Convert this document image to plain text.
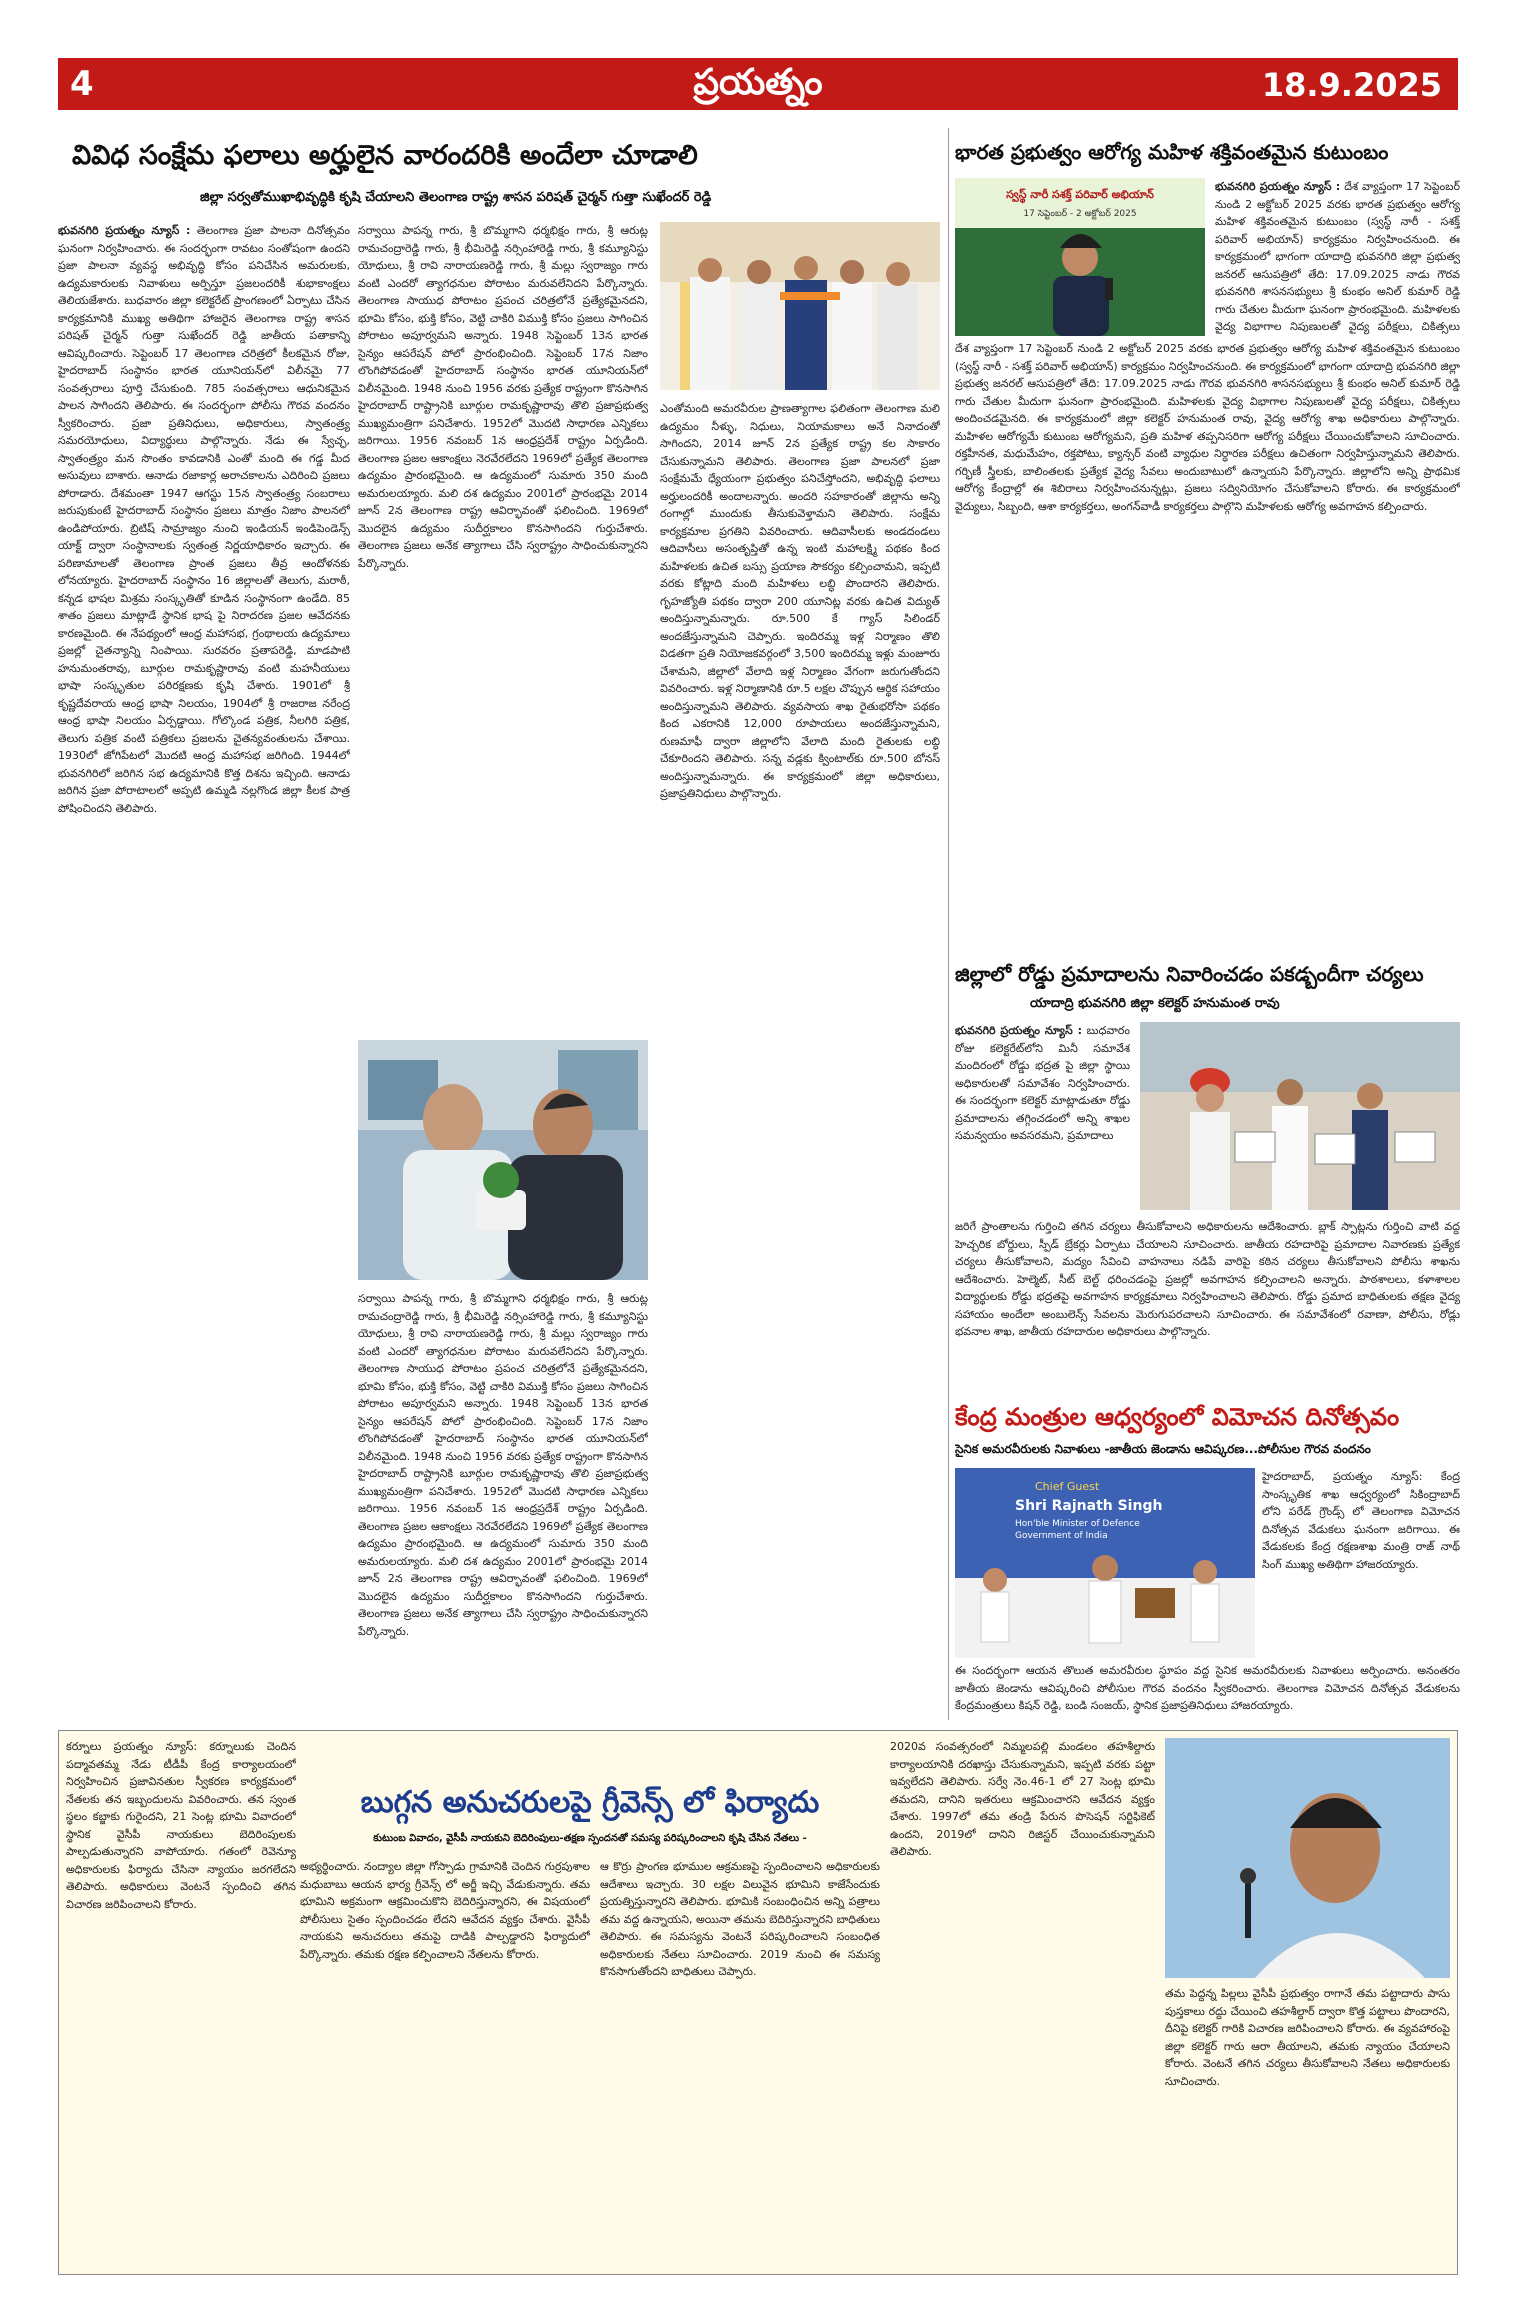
4	ప్రయత్నం	18.9.2025
వివిధ సంక్షేమ ఫలాలు అర్హులైన వారందరికి అందేలా చూడాలి
జిల్లా సర్వతోముఖాభివృద్ధికి కృషి చేయాలని తెలంగాణ రాష్ట్ర శాసన పరిషత్ చైర్మన్ గుత్తా సుఖేందర్ రెడ్డి
భువనగిరి ప్రయత్నం న్యూస్ : తెలంగాణ ప్రజా పాలనా దినోత్సవం ఘనంగా నిర్వహించారు. ఈ సందర్భంగా రావటం సంతోషంగా ఉందని ప్రజా పాలనా వ్యవస్థ అభివృద్ధి కోసం పనిచేసిన అమరులకు, ఉద్యమకారులకు నివాళులు అర్పిస్తూ ప్రజలందరికీ శుభాకాంక్షలు తెలియజేశారు. బుధవారం జిల్లా కలెక్టరేట్ ప్రాంగణంలో ఏర్పాటు చేసిన కార్యక్రమానికి ముఖ్య అతిథిగా హాజరైన తెలంగాణ రాష్ట్ర శాసన పరిషత్ చైర్మన్ గుత్తా సుఖేందర్ రెడ్డి జాతీయ పతాకాన్ని ఆవిష్కరించారు. సెప్టెంబర్ 17 తెలంగాణ చరిత్రలో కీలకమైన రోజు, హైదరాబాద్ సంస్థానం భారత యూనియన్‌లో విలీనమై 77 సంవత్సరాలు పూర్తి చేసుకుంది. 785 సంవత్సరాలు ఆధునికమైన పాలన సాగిందని తెలిపారు. ఈ సందర్భంగా పోలీసు గౌరవ వందనం స్వీకరించారు. ప్రజా ప్రతినిధులు, అధికారులు, స్వాతంత్ర్య సమరయోధులు, విద్యార్థులు పాల్గొన్నారు. నేడు ఈ స్వేచ్ఛ, స్వాతంత్ర్యం మన సొంతం కావడానికి ఎంతో మంది ఈ గడ్డ మీద అసువులు బాశారు. ఆనాడు రజాకార్ల అరాచకాలను ఎదిరించి ప్రజలు పోరాడారు. దేశమంతా 1947 ఆగస్టు 15న స్వాతంత్ర్య సంబరాలు జరుపుకుంటే హైదరాబాద్ సంస్థానం ప్రజలు మాత్రం నిజాం పాలనలో ఉండిపోయారు. బ్రిటిష్ సామ్రాజ్యం నుంచి ఇండియన్ ఇండిపెండెన్స్ యాక్ట్ ద్వారా సంస్థానాలకు స్వతంత్ర నిర్ణయాధికారం ఇచ్చారు. ఈ పరిణామాలతో తెలంగాణ ప్రాంత ప్రజలు తీవ్ర ఆందోళనకు లోనయ్యారు. హైదరాబాద్ సంస్థానం 16 జిల్లాలతో తెలుగు, మరాఠీ, కన్నడ భాషల మిశ్రమ సంస్కృతితో కూడిన సంస్థానంగా ఉండేది. 85 శాతం ప్రజలు మాట్లాడే స్థానిక భాష పై నిరాదరణ ప్రజల ఆవేదనకు కారణమైంది. ఈ నేపథ్యంలో ఆంధ్ర మహాసభ, గ్రంథాలయ ఉద్యమాలు ప్రజల్లో చైతన్యాన్ని నింపాయి. సురవరం ప్రతాపరెడ్డి, మాడపాటి హనుమంతరావు, బూర్గుల రామకృష్ణారావు వంటి మహనీయులు భాషా సంస్కృతుల పరిరక్షణకు కృషి చేశారు. 1901లో శ్రీ కృష్ణదేవరాయ ఆంధ్ర భాషా నిలయం, 1904లో శ్రీ రాజరాజ నరేంద్ర ఆంధ్ర భాషా నిలయం ఏర్పడ్డాయి. గోల్కొండ పత్రిక, నీలగిరి పత్రిక, తెలుగు పత్రిక వంటి పత్రికలు ప్రజలను చైతన్యవంతులను చేశాయి. 1930లో జోగిపేటలో మొదటి ఆంధ్ర మహాసభ జరిగింది. 1944లో భువనగిరిలో జరిగిన సభ ఉద్యమానికి కొత్త దిశను ఇచ్చింది. ఆనాడు జరిగిన ప్రజా పోరాటాలలో అప్పటి ఉమ్మడి నల్లగొండ జిల్లా కీలక పాత్ర పోషించిందని తెలిపారు.
సర్వాయి పాపన్న గారు, శ్రీ బొమ్మగాని ధర్మభిక్షం గారు, శ్రీ ఆరుట్ల రామచంద్రారెడ్డి గారు, శ్రీ భీమిరెడ్డి నర్సింహారెడ్డి గారు, శ్రీ కమ్యూనిస్టు యోధులు, శ్రీ రావి నారాయణరెడ్డి గారు, శ్రీ మల్లు స్వరాజ్యం గారు వంటి ఎందరో త్యాగధనుల పోరాటం మరువలేనిదని పేర్కొన్నారు. తెలంగాణ సాయుధ పోరాటం ప్రపంచ చరిత్రలోనే ప్రత్యేకమైనదని, భూమి కోసం, భుక్తి కోసం, వెట్టి చాకిరి విముక్తి కోసం ప్రజలు సాగించిన పోరాటం అపూర్వమని అన్నారు. 1948 సెప్టెంబర్ 13న భారత సైన్యం ఆపరేషన్ పోలో ప్రారంభించింది. సెప్టెంబర్ 17న నిజాం లొంగిపోవడంతో హైదరాబాద్ సంస్థానం భారత యూనియన్‌లో విలీనమైంది. 1948 నుంచి 1956 వరకు ప్రత్యేక రాష్ట్రంగా కొనసాగిన హైదరాబాద్ రాష్ట్రానికి బూర్గుల రామకృష్ణారావు తొలి ప్రజాప్రభుత్వ ముఖ్యమంత్రిగా పనిచేశారు. 1952లో మొదటి సాధారణ ఎన్నికలు జరిగాయి. 1956 నవంబర్ 1న ఆంధ్రప్రదేశ్ రాష్ట్రం ఏర్పడింది. తెలంగాణ ప్రజల ఆకాంక్షలు నెరవేరలేదని 1969లో ప్రత్యేక తెలంగాణ ఉద్యమం ప్రారంభమైంది. ఆ ఉద్యమంలో సుమారు 350 మంది అమరులయ్యారు. మలి దశ ఉద్యమం 2001లో ప్రారంభమై 2014 జూన్ 2న తెలంగాణ రాష్ట్ర ఆవిర్భావంతో ఫలించింది. 1969లో మొదలైన ఉద్యమం సుదీర్ఘకాలం కొనసాగిందని గుర్తుచేశారు. తెలంగాణ ప్రజలు అనేక త్యాగాలు చేసి స్వరాష్ట్రం సాధించుకున్నారని పేర్కొన్నారు.
సర్వాయి పాపన్న గారు, శ్రీ బొమ్మగాని ధర్మభిక్షం గారు, శ్రీ ఆరుట్ల రామచంద్రారెడ్డి గారు, శ్రీ భీమిరెడ్డి నర్సింహారెడ్డి గారు, శ్రీ కమ్యూనిస్టు యోధులు, శ్రీ రావి నారాయణరెడ్డి గారు, శ్రీ మల్లు స్వరాజ్యం గారు వంటి ఎందరో త్యాగధనుల పోరాటం మరువలేనిదని పేర్కొన్నారు. తెలంగాణ సాయుధ పోరాటం ప్రపంచ చరిత్రలోనే ప్రత్యేకమైనదని, భూమి కోసం, భుక్తి కోసం, వెట్టి చాకిరి విముక్తి కోసం ప్రజలు సాగించిన పోరాటం అపూర్వమని అన్నారు. 1948 సెప్టెంబర్ 13న భారత సైన్యం ఆపరేషన్ పోలో ప్రారంభించింది. సెప్టెంబర్ 17న నిజాం లొంగిపోవడంతో హైదరాబాద్ సంస్థానం భారత యూనియన్‌లో విలీనమైంది. 1948 నుంచి 1956 వరకు ప్రత్యేక రాష్ట్రంగా కొనసాగిన హైదరాబాద్ రాష్ట్రానికి బూర్గుల రామకృష్ణారావు తొలి ప్రజాప్రభుత్వ ముఖ్యమంత్రిగా పనిచేశారు. 1952లో మొదటి సాధారణ ఎన్నికలు జరిగాయి. 1956 నవంబర్ 1న ఆంధ్రప్రదేశ్ రాష్ట్రం ఏర్పడింది. తెలంగాణ ప్రజల ఆకాంక్షలు నెరవేరలేదని 1969లో ప్రత్యేక తెలంగాణ ఉద్యమం ప్రారంభమైంది. ఆ ఉద్యమంలో సుమారు 350 మంది అమరులయ్యారు. మలి దశ ఉద్యమం 2001లో ప్రారంభమై 2014 జూన్ 2న తెలంగాణ రాష్ట్ర ఆవిర్భావంతో ఫలించింది. 1969లో మొదలైన ఉద్యమం సుదీర్ఘకాలం కొనసాగిందని గుర్తుచేశారు. తెలంగాణ ప్రజలు అనేక త్యాగాలు చేసి స్వరాష్ట్రం సాధించుకున్నారని పేర్కొన్నారు.
ఎంతోమంది అమరవీరుల ప్రాణత్యాగాల ఫలితంగా తెలంగాణ మలి ఉద్యమం నీళ్ళు, నిధులు, నియామకాలు అనే నినాదంతో సాగిందని, 2014 జూన్ 2న ప్రత్యేక రాష్ట్ర కల సాకారం చేసుకున్నామని తెలిపారు. తెలంగాణ ప్రజా పాలనలో ప్రజా సంక్షేమమే ధ్యేయంగా ప్రభుత్వం పనిచేస్తోందని, అభివృద్ధి ఫలాలు అర్హులందరికీ అందాలన్నారు. అందరి సహకారంతో జిల్లాను అన్ని రంగాల్లో ముందుకు తీసుకువెళ్తామని తెలిపారు. సంక్షేమ కార్యక్రమాల ప్రగతిని వివరించారు. ఆదివాసీలకు అండదండలు ఆదివాసీలు అసంతృప్తితో ఉన్న ఇంటి మహాలక్ష్మి పథకం కింద మహిళలకు ఉచిత బస్సు ప్రయాణ సౌకర్యం కల్పించామని, ఇప్పటి వరకు కోట్లాది మంది మహిళలు లబ్ధి పొందారని తెలిపారు. గృహజ్యోతి పథకం ద్వారా 200 యూనిట్ల వరకు ఉచిత విద్యుత్ అందిస్తున్నామన్నారు. రూ.500 కే గ్యాస్ సిలిండర్ అందజేస్తున్నామని చెప్పారు. ఇందిరమ్మ ఇళ్ల నిర్మాణం తొలి విడతగా ప్రతి నియోజకవర్గంలో 3,500 ఇందిరమ్మ ఇళ్లు మంజూరు చేశామని, జిల్లాలో వేలాది ఇళ్ల నిర్మాణం వేగంగా జరుగుతోందని వివరించారు. ఇళ్ల నిర్మాణానికి రూ.5 లక్షల చొప్పున ఆర్థిక సహాయం అందిస్తున్నామని తెలిపారు. వ్యవసాయ శాఖ రైతుభరోసా పథకం కింద ఎకరానికి 12,000 రూపాయలు అందజేస్తున్నామని, రుణమాఫీ ద్వారా జిల్లాలోని వేలాది మంది రైతులకు లబ్ధి చేకూరిందని తెలిపారు. సన్న వడ్లకు క్వింటాల్‌కు రూ.500 బోనస్ అందిస్తున్నామన్నారు. ఈ కార్యక్రమంలో జిల్లా అధికారులు, ప్రజాప్రతినిధులు పాల్గొన్నారు.
భారత ప్రభుత్వం ఆరోగ్య మహిళ శక్తివంతమైన కుటుంబం
స్వస్థ్ నారీ సశక్త్ పరివార్ అభియాన్
17 సెప్టెంబర్ - 2 అక్టోబర్ 2025
భువనగిరి ప్రయత్నం న్యూస్ : దేశ వ్యాప్తంగా 17 సెప్టెంబర్ నుండి 2 అక్టోబర్ 2025 వరకు భారత ప్రభుత్వం ఆరోగ్య మహిళ శక్తివంతమైన కుటుంబం (స్వస్థ్ నారీ - సశక్త్ పరివార్ అభియాన్) కార్యక్రమం నిర్వహించనుంది. ఈ కార్యక్రమంలో భాగంగా యాదాద్రి భువనగిరి జిల్లా ప్రభుత్వ జనరల్ ఆసుపత్రిలో తేది: 17.09.2025 నాడు గౌరవ భువనగిరి శాసనసభ్యులు శ్రీ కుంభం అనిల్ కుమార్ రెడ్డి గారు చేతుల మీదుగా ఘనంగా ప్రారంభమైంది. మహిళలకు వైద్య విభాగాల నిపుణులతో వైద్య పరీక్షలు, చికిత్సలు
దేశ వ్యాప్తంగా 17 సెప్టెంబర్ నుండి 2 అక్టోబర్ 2025 వరకు భారత ప్రభుత్వం ఆరోగ్య మహిళ శక్తివంతమైన కుటుంబం (స్వస్థ్ నారీ - సశక్త్ పరివార్ అభియాన్) కార్యక్రమం నిర్వహించనుంది. ఈ కార్యక్రమంలో భాగంగా యాదాద్రి భువనగిరి జిల్లా ప్రభుత్వ జనరల్ ఆసుపత్రిలో తేది: 17.09.2025 నాడు గౌరవ భువనగిరి శాసనసభ్యులు శ్రీ కుంభం అనిల్ కుమార్ రెడ్డి గారు చేతుల మీదుగా ఘనంగా ప్రారంభమైంది. మహిళలకు వైద్య విభాగాల నిపుణులతో వైద్య పరీక్షలు, చికిత్సలు అందించడమైనది. ఈ కార్యక్రమంలో జిల్లా కలెక్టర్ హనుమంత రావు, వైద్య ఆరోగ్య శాఖ అధికారులు పాల్గొన్నారు. మహిళల ఆరోగ్యమే కుటుంబ ఆరోగ్యమని, ప్రతి మహిళ తప్పనిసరిగా ఆరోగ్య పరీక్షలు చేయించుకోవాలని సూచించారు. రక్తహీనత, మధుమేహం, రక్తపోటు, క్యాన్సర్ వంటి వ్యాధుల నిర్ధారణ పరీక్షలు ఉచితంగా నిర్వహిస్తున్నామని తెలిపారు. గర్భిణీ స్త్రీలకు, బాలింతలకు ప్రత్యేక వైద్య సేవలు అందుబాటులో ఉన్నాయని పేర్కొన్నారు. జిల్లాలోని అన్ని ప్రాథమిక ఆరోగ్య కేంద్రాల్లో ఈ శిబిరాలు నిర్వహించనున్నట్లు, ప్రజలు సద్వినియోగం చేసుకోవాలని కోరారు. ఈ కార్యక్రమంలో వైద్యులు, సిబ్బంది, ఆశా కార్యకర్తలు, అంగన్‌వాడీ కార్యకర్తలు పాల్గొని మహిళలకు ఆరోగ్య అవగాహన కల్పించారు.
జిల్లాలో రోడ్డు ప్రమాదాలను నివారించడం పకడ్బందీగా చర్యలు
యాదాద్రి భువనగిరి జిల్లా కలెక్టర్ హనుమంత రావు
భువనగిరి ప్రయత్నం న్యూస్ : బుధవారం రోజు కలెక్టరేట్‌లోని మినీ సమావేశ మందిరంలో రోడ్డు భద్రత పై జిల్లా స్థాయి అధికారులతో సమావేశం నిర్వహించారు. ఈ సందర్భంగా కలెక్టర్ మాట్లాడుతూ రోడ్డు ప్రమాదాలను తగ్గించడంలో అన్ని శాఖల సమన్వయం అవసరమని, ప్రమాదాలు
జరిగే ప్రాంతాలను గుర్తించి తగిన చర్యలు తీసుకోవాలని అధికారులను ఆదేశించారు. బ్లాక్ స్పాట్లను గుర్తించి వాటి వద్ద హెచ్చరిక బోర్డులు, స్పీడ్ బ్రేకర్లు ఏర్పాటు చేయాలని సూచించారు. జాతీయ రహదారిపై ప్రమాదాల నివారణకు ప్రత్యేక చర్యలు తీసుకోవాలని, మద్యం సేవించి వాహనాలు నడిపే వారిపై కఠిన చర్యలు తీసుకోవాలని పోలీసు శాఖను ఆదేశించారు. హెల్మెట్, సీట్ బెల్ట్ ధరించడంపై ప్రజల్లో అవగాహన కల్పించాలని అన్నారు. పాఠశాలలు, కళాశాలల విద్యార్థులకు రోడ్డు భద్రతపై అవగాహన కార్యక్రమాలు నిర్వహించాలని తెలిపారు. రోడ్డు ప్రమాద బాధితులకు తక్షణ వైద్య సహాయం అందేలా అంబులెన్స్ సేవలను మెరుగుపరచాలని సూచించారు. ఈ సమావేశంలో రవాణా, పోలీసు, రోడ్లు భవనాల శాఖ, జాతీయ రహదారుల అధికారులు పాల్గొన్నారు.
కేంద్ర మంత్రుల ఆధ్వర్యంలో విమోచన దినోత్సవం
సైనిక అమరవీరులకు నివాళులు -జాతీయ జెండాను ఆవిష్కరణ...పోలీసుల గౌరవ వందనం
Chief Guest
Shri Rajnath Singh
Hon'ble Minister of Defence
Government of India
హైదరాబాద్, ప్రయత్నం న్యూస్: కేంద్ర సాంస్కృతిక శాఖ ఆధ్వర్యంలో సికింద్రాబాద్ లోని పరేడ్ గ్రౌండ్స్ లో తెలంగాణ విమోచన దినోత్సవ వేడుకలు ఘనంగా జరిగాయి. ఈ వేడుకలకు కేంద్ర రక్షణశాఖ మంత్రి రాజ్ నాథ్ సింగ్ ముఖ్య అతిథిగా హాజరయ్యారు.
ఈ సందర్భంగా ఆయన తొలుత అమరవీరుల స్థూపం వద్ద సైనిక అమరవీరులకు నివాళులు అర్పించారు. అనంతరం జాతీయ జెండాను ఆవిష్కరించి పోలీసుల గౌరవ వందనం స్వీకరించారు. తెలంగాణ విమోచన దినోత్సవ వేడుకలను కేంద్రమంత్రులు కిషన్ రెడ్డి, బండి సంజయ్, స్థానిక ప్రజాప్రతినిధులు హాజరయ్యారు.
కర్నూలు ప్రయత్నం న్యూస్: కర్నూలుకు చెందిన పద్మావతమ్మ నేడు టీడీపీ కేంద్ర కార్యాలయంలో నిర్వహించిన ప్రజావినతుల స్వీకరణ కార్యక్రమంలో నేతలకు తన ఇబ్బందులను వివరించారు. తన స్వంత స్థలం కబ్జాకు గురైందని, 21 సెంట్ల భూమి వివాదంలో స్థానిక వైసీపీ నాయకులు బెదిరింపులకు పాల్పడుతున్నారని వాపోయారు. గతంలో రెవెన్యూ అధికారులకు ఫిర్యాదు చేసినా న్యాయం జరగలేదని తెలిపారు. అధికారులు వెంటనే స్పందించి తగిన విచారణ జరిపించాలని కోరారు.
బుగ్గన అనుచరులపై గ్రీవెన్స్ లో ఫిర్యాదు
కుటుంబ వివాదం, వైసీపీ నాయకుని బెదిరింపులు-తక్షణ స్పందనతో సమస్య పరిష్కరించాలని కృషి చేసిన నేతలు -
అభ్యర్థించారు. నంద్యాల జిల్లా గోస్పాడు గ్రామానికి చెందిన గుర్రపుశాల మధుబాబు ఆయన భార్య గ్రీవెన్స్ లో అర్జీ ఇచ్చి వేడుకున్నారు. తమ భూమిని అక్రమంగా ఆక్రమించుకొని బెదిరిస్తున్నారని, ఈ విషయంలో పోలీసులు సైతం స్పందించడం లేదని ఆవేదన వ్యక్తం చేశారు. వైసీపీ నాయకుని అనుచరులు తమపై దాడికి పాల్పడ్డారని ఫిర్యాదులో పేర్కొన్నారు. తమకు రక్షణ కల్పించాలని నేతలను కోరారు.
ఆ కొర్రు ప్రాంగణ భూముల ఆక్రమణపై స్పందించాలని అధికారులకు ఆదేశాలు ఇచ్చారు. 30 లక్షల విలువైన భూమిని కాజేసేందుకు ప్రయత్నిస్తున్నారని తెలిపారు. భూమికి సంబంధించిన అన్ని పత్రాలు తమ వద్ద ఉన్నాయని, అయినా తమను బెదిరిస్తున్నారని బాధితులు తెలిపారు. ఈ సమస్యను వెంటనే పరిష్కరించాలని సంబంధిత అధికారులకు నేతలు సూచించారు. 2019 నుంచి ఈ సమస్య కొనసాగుతోందని బాధితులు చెప్పారు.
2020వ సంవత్సరంలో నిమ్మలపల్లి మండలం తహశీల్దారు కార్యాలయానికి దరఖాస్తు చేసుకున్నామని, ఇప్పటి వరకు పట్టా ఇవ్వలేదని తెలిపారు. సర్వే నెం.46-1 లో 27 సెంట్ల భూమి తమదని, దానిని ఇతరులు ఆక్రమించారని ఆవేదన వ్యక్తం చేశారు. 1997లో తమ తండ్రి పేరున పొసెషన్ సర్టిఫికెట్ ఉందని, 2019లో దానిని రిజిస్టర్ చేయించుకున్నామని తెలిపారు.
తమ పెద్దన్న పిల్లలు వైసీపీ ప్రభుత్వం రాగానే తమ పట్టాదారు పాసు పుస్తకాలు రద్దు చేయించి తహశీల్దార్ ద్వారా కొత్త పట్టాలు పొందారని, దీనిపై కలెక్టర్ గారికి విచారణ జరిపించాలని కోరారు. ఈ వ్యవహారంపై జిల్లా కలెక్టర్ గారు ఆరా తీయాలని, తమకు న్యాయం చేయాలని కోరారు. వెంటనే తగిన చర్యలు తీసుకోవాలని నేతలు అధికారులకు సూచించారు.
